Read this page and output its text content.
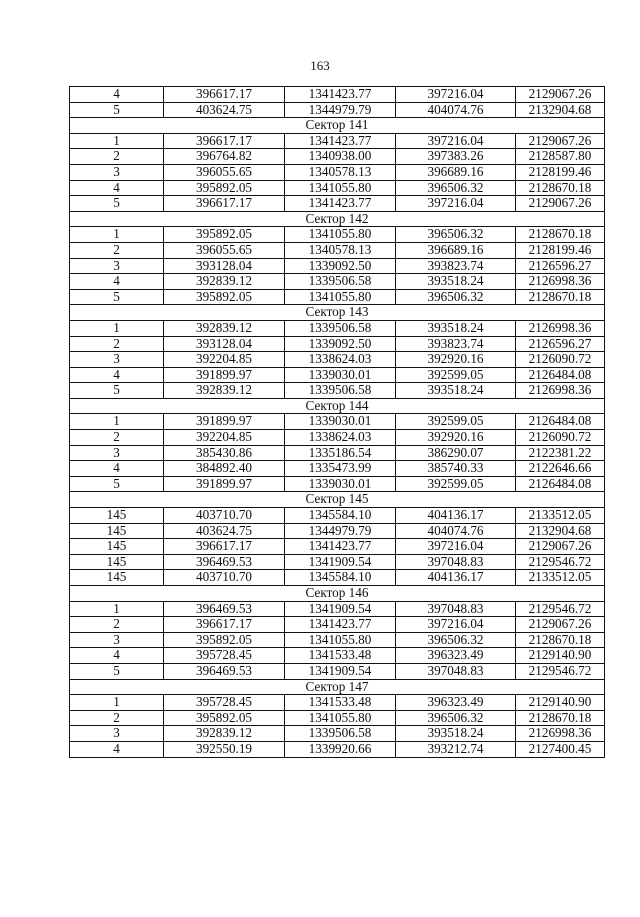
163
4	396617.17	1341423.77	397216.04	2129067.26
5	403624.75	1344979.79	404074.76	2132904.68
Сектор 141				
1	396617.17	1341423.77	397216.04	2129067.26
2	396764.82	1340938.00	397383.26	2128587.80
3	396055.65	1340578.13	396689.16	2128199.46
4	395892.05	1341055.80	396506.32	2128670.18
5	396617.17	1341423.77	397216.04	2129067.26
Сектор 142				
1	395892.05	1341055.80	396506.32	2128670.18
2	396055.65	1340578.13	396689.16	2128199.46
3	393128.04	1339092.50	393823.74	2126596.27
4	392839.12	1339506.58	393518.24	2126998.36
5	395892.05	1341055.80	396506.32	2128670.18
Сектор 143				
1	392839.12	1339506.58	393518.24	2126998.36
2	393128.04	1339092.50	393823.74	2126596.27
3	392204.85	1338624.03	392920.16	2126090.72
4	391899.97	1339030.01	392599.05	2126484.08
5	392839.12	1339506.58	393518.24	2126998.36
Сектор 144				
1	391899.97	1339030.01	392599.05	2126484.08
2	392204.85	1338624.03	392920.16	2126090.72
3	385430.86	1335186.54	386290.07	2122381.22
4	384892.40	1335473.99	385740.33	2122646.66
5	391899.97	1339030.01	392599.05	2126484.08
Сектор 145				
145	403710.70	1345584.10	404136.17	2133512.05
145	403624.75	1344979.79	404074.76	2132904.68
145	396617.17	1341423.77	397216.04	2129067.26
145	396469.53	1341909.54	397048.83	2129546.72
145	403710.70	1345584.10	404136.17	2133512.05
Сектор 146				
1	396469.53	1341909.54	397048.83	2129546.72
2	396617.17	1341423.77	397216.04	2129067.26
3	395892.05	1341055.80	396506.32	2128670.18
4	395728.45	1341533.48	396323.49	2129140.90
5	396469.53	1341909.54	397048.83	2129546.72
Сектор 147				
1	395728.45	1341533.48	396323.49	2129140.90
2	395892.05	1341055.80	396506.32	2128670.18
3	392839.12	1339506.58	393518.24	2126998.36
4	392550.19	1339920.66	393212.74	2127400.45
